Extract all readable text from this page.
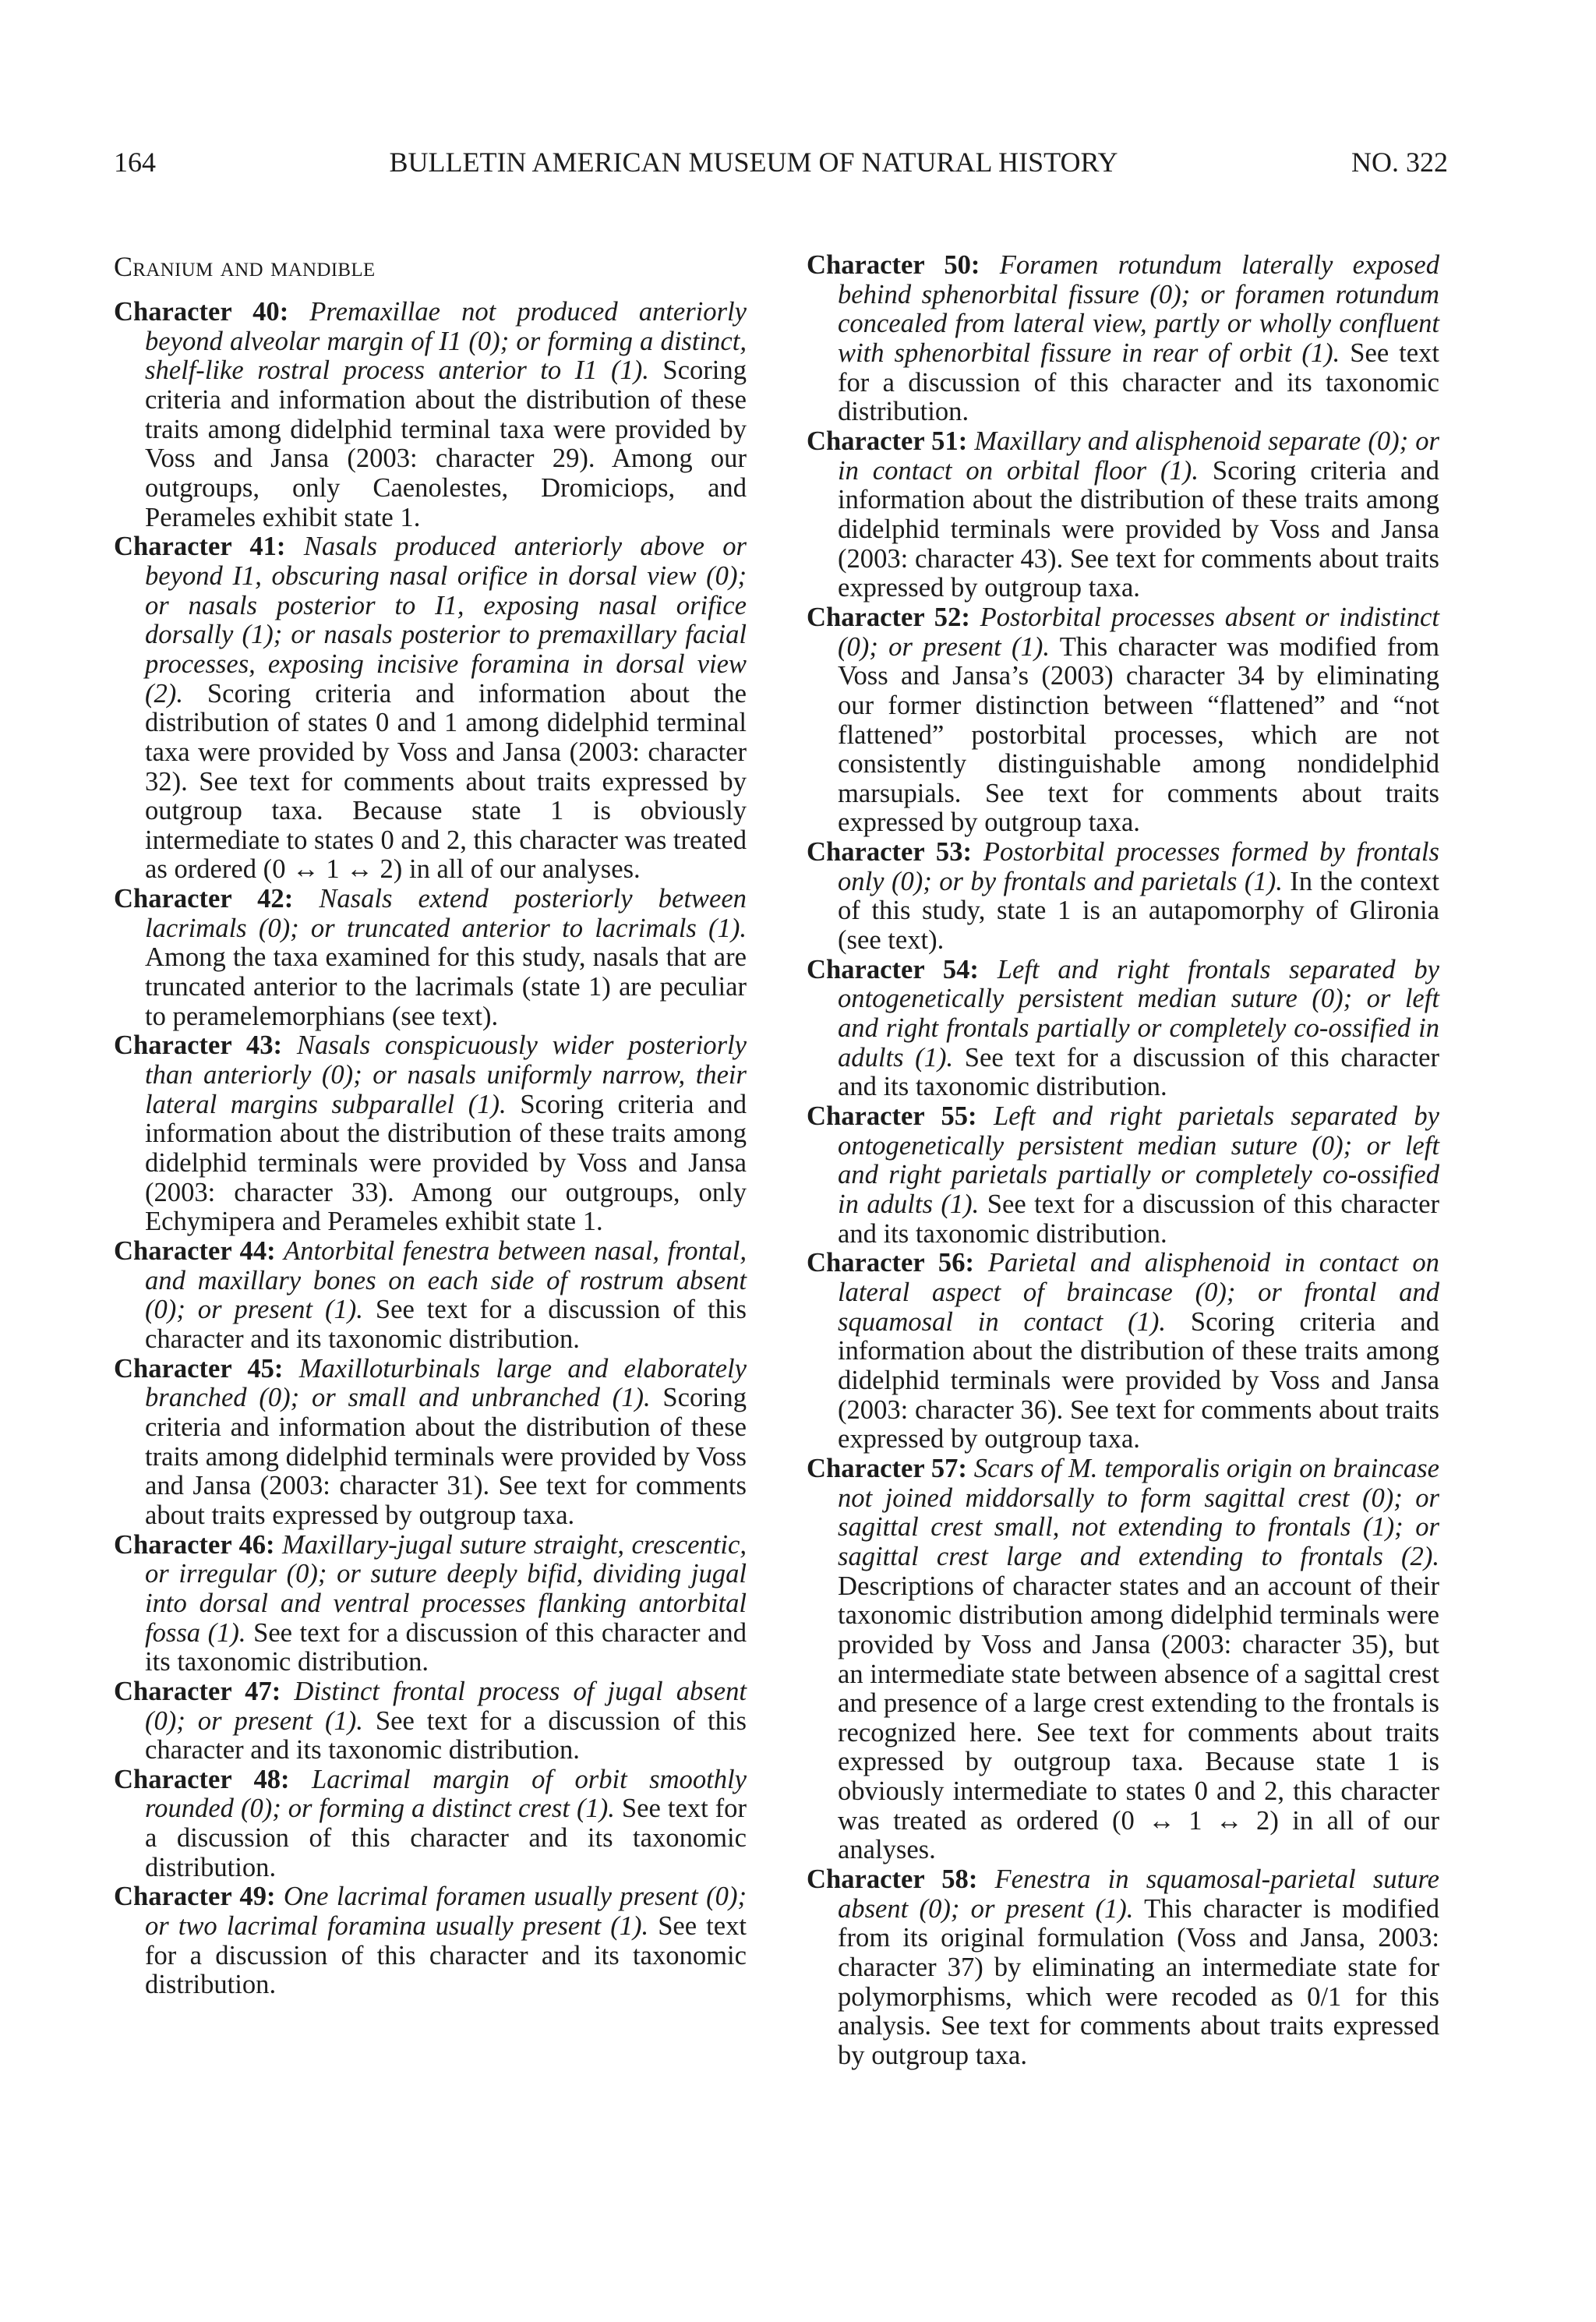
164	BULLETIN AMERICAN MUSEUM OF NATURAL HISTORY	NO. 322
Cranium and mandible

Character 40: Premaxillae not produced anteriorly beyond alveolar margin of I1 (0); or forming a distinct, shelf-like rostral process anterior to I1 (1). Scoring criteria and information about the distribution of these traits among didelphid terminal taxa were provided by Voss and Jansa (2003: character 29). Among our outgroups, only Caenolestes, Dromiciops, and Perameles exhibit state 1.

Character 41: Nasals produced anteriorly above or beyond I1, obscuring nasal orifice in dorsal view (0); or nasals posterior to I1, exposing nasal orifice dorsally (1); or nasals posterior to premaxillary facial processes, exposing incisive foramina in dorsal view (2). Scoring criteria and information about the distribution of states 0 and 1 among didelphid terminal taxa were provided by Voss and Jansa (2003: character 32). See text for comments about traits expressed by outgroup taxa. Because state 1 is obviously intermediate to states 0 and 2, this character was treated as ordered (0 ↔ 1 ↔ 2) in all of our analyses.

Character 42: Nasals extend posteriorly between lacrimals (0); or truncated anterior to lacrimals (1). Among the taxa examined for this study, nasals that are truncated anterior to the lacrimals (state 1) are peculiar to peramelemorphians (see text).

Character 43: Nasals conspicuously wider posteriorly than anteriorly (0); or nasals uniformly narrow, their lateral margins subparallel (1). Scoring criteria and information about the distribution of these traits among didelphid terminals were provided by Voss and Jansa (2003: character 33). Among our outgroups, only Echymipera and Perameles exhibit state 1.

Character 44: Antorbital fenestra between nasal, frontal, and maxillary bones on each side of rostrum absent (0); or present (1). See text for a discussion of this character and its taxonomic distribution.

Character 45: Maxilloturbinals large and elaborately branched (0); or small and unbranched (1). Scoring criteria and information about the distribution of these traits among didelphid terminals were provided by Voss and Jansa (2003: character 31). See text for comments about traits expressed by outgroup taxa.

Character 46: Maxillary-jugal suture straight, crescentic, or irregular (0); or suture deeply bifid, dividing jugal into dorsal and ventral processes flanking antorbital fossa (1). See text for a discussion of this character and its taxonomic distribution.

Character 47: Distinct frontal process of jugal absent (0); or present (1). See text for a discussion of this character and its taxonomic distribution.

Character 48: Lacrimal margin of orbit smoothly rounded (0); or forming a distinct crest (1). See text for a discussion of this character and its taxonomic distribution.

Character 49: One lacrimal foramen usually present (0); or two lacrimal foramina usually present (1). See text for a discussion of this character and its taxonomic distribution.

Character 50: Foramen rotundum laterally exposed behind sphenorbital fissure (0); or foramen rotundum concealed from lateral view, partly or wholly confluent with sphenorbital fissure in rear of orbit (1). See text for a discussion of this character and its taxonomic distribution.

Character 51: Maxillary and alisphenoid separate (0); or in contact on orbital floor (1). Scoring criteria and information about the distribution of these traits among didelphid terminals were provided by Voss and Jansa (2003: character 43). See text for comments about traits expressed by outgroup taxa.

Character 52: Postorbital processes absent or indistinct (0); or present (1). This character was modified from Voss and Jansa’s (2003) character 34 by eliminating our former distinction between “flattened” and “not flattened” postorbital processes, which are not consistently distinguishable among nondidelphid marsupials. See text for comments about traits expressed by outgroup taxa.

Character 53: Postorbital processes formed by frontals only (0); or by frontals and parietals (1). In the context of this study, state 1 is an autapomorphy of Glironia (see text).

Character 54: Left and right frontals separated by ontogenetically persistent median suture (0); or left and right frontals partially or completely co-ossified in adults (1). See text for a discussion of this character and its taxonomic distribution.

Character 55: Left and right parietals separated by ontogenetically persistent median suture (0); or left and right parietals partially or completely co-ossified in adults (1). See text for a discussion of this character and its taxonomic distribution.

Character 56: Parietal and alisphenoid in contact on lateral aspect of braincase (0); or frontal and squamosal in contact (1). Scoring criteria and information about the distribution of these traits among didelphid terminals were provided by Voss and Jansa (2003: character 36). See text for comments about traits expressed by outgroup taxa.

Character 57: Scars of M. temporalis origin on braincase not joined middorsally to form sagittal crest (0); or sagittal crest small, not extending to frontals (1); or sagittal crest large and extending to frontals (2). Descriptions of character states and an account of their taxonomic distribution among didelphid terminals were provided by Voss and Jansa (2003: character 35), but an intermediate state between absence of a sagittal crest and presence of a large crest extending to the frontals is recognized here. See text for comments about traits expressed by outgroup taxa. Because state 1 is obviously intermediate to states 0 and 2, this character was treated as ordered (0 ↔ 1 ↔ 2) in all of our analyses.

Character 58: Fenestra in squamosal-parietal suture absent (0); or present (1). This character is modified from its original formulation (Voss and Jansa, 2003: character 37) by eliminating an intermediate state for polymorphisms, which were recoded as 0/1 for this analysis. See text for comments about traits expressed by outgroup taxa.
